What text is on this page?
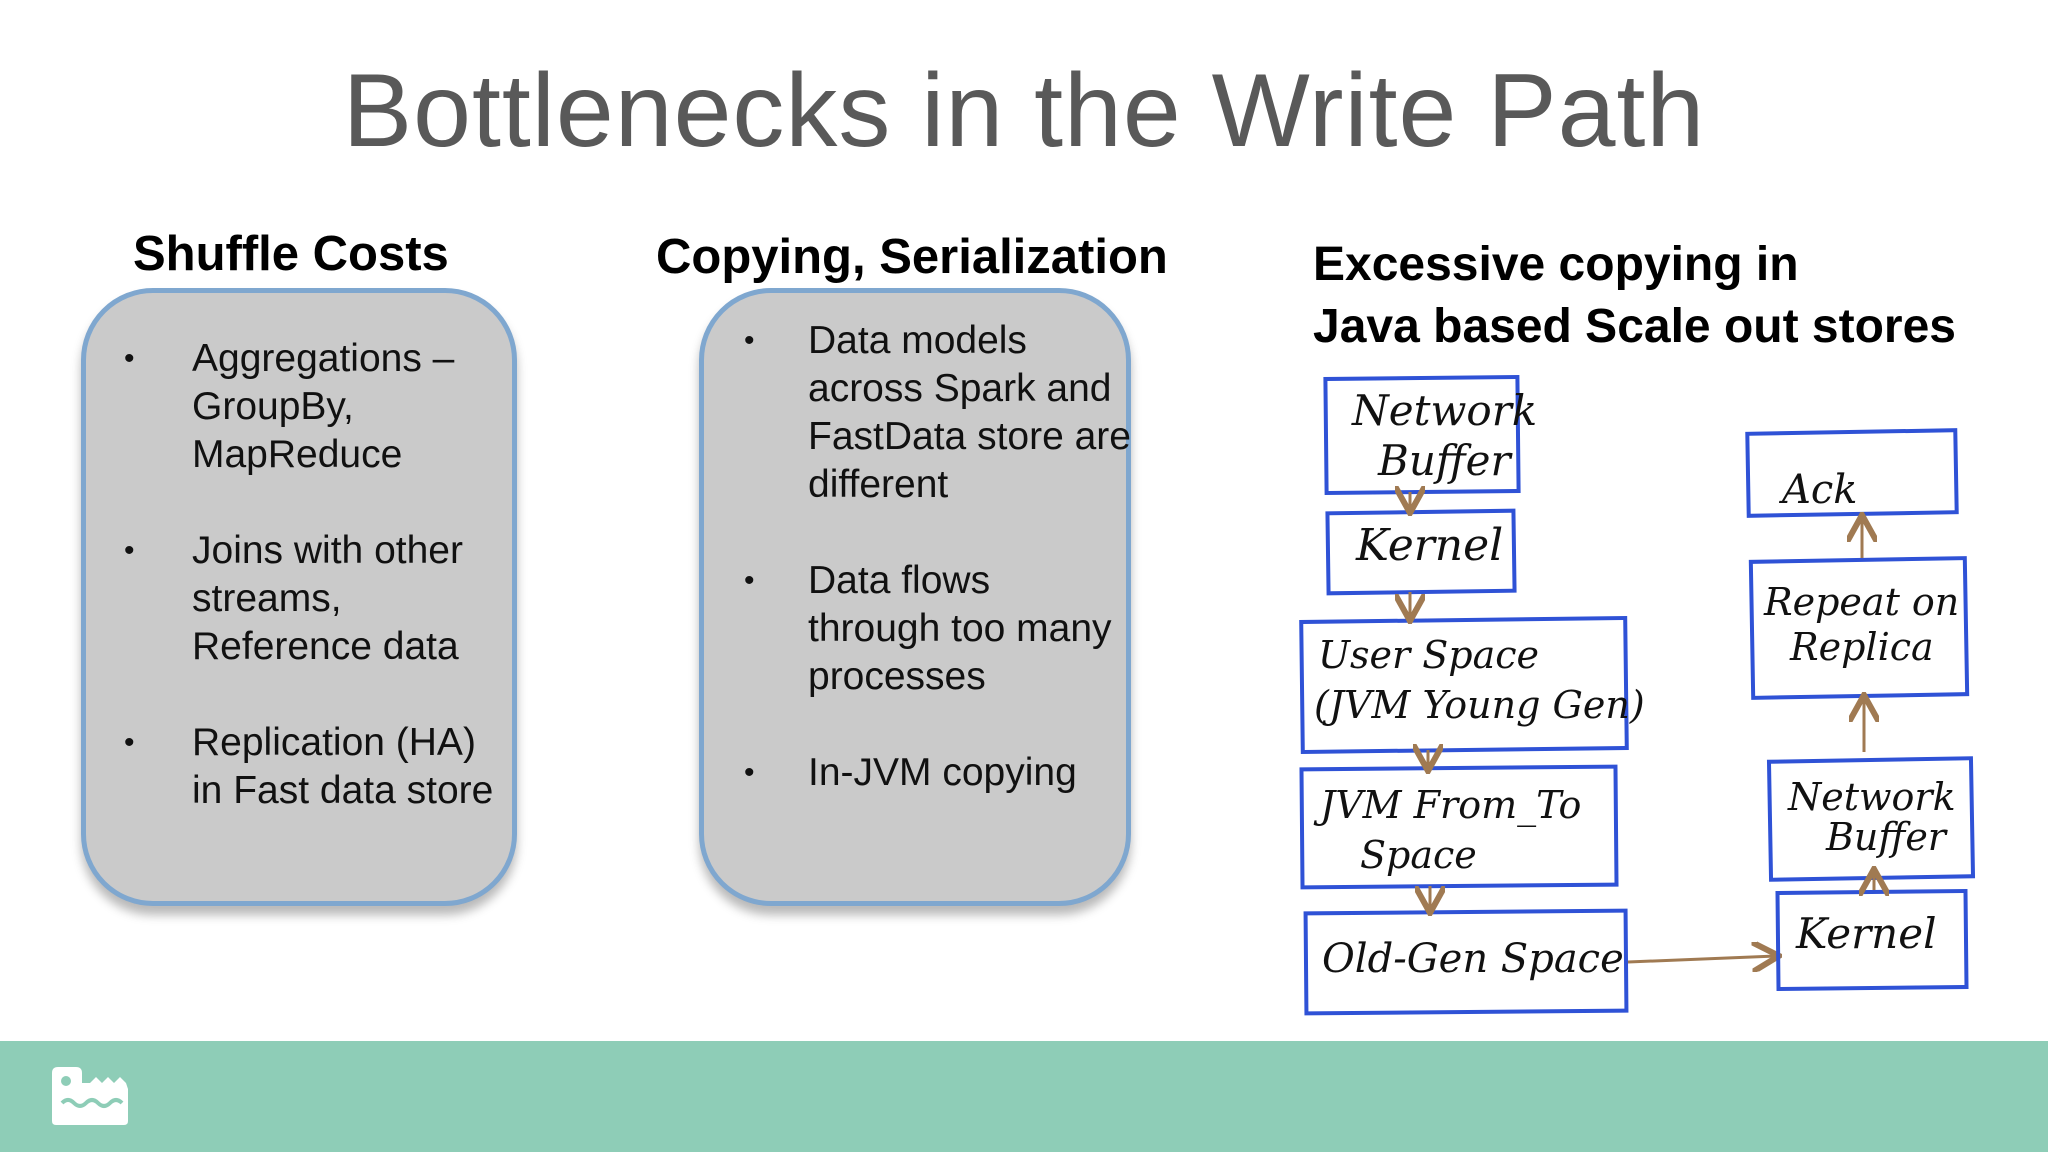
Bottlenecks in the Write Path
Shuffle Costs
• Aggregations – GroupBy, MapReduce
• Joins with other streams, Reference data
• Replication (HA) in Fast data store
Copying, Serialization
• Data models across Spark and FastData store are different
• Data flows through too many processes
• In-JVM copying
Excessive copying in
Java based Scale out stores
Network
Buffer
Kernel
User Space
(JVM Young Gen)
JVM From_To
Space
Old-Gen Space
Ack
Repeat on
Replica
Network
Buffer
Kernel
